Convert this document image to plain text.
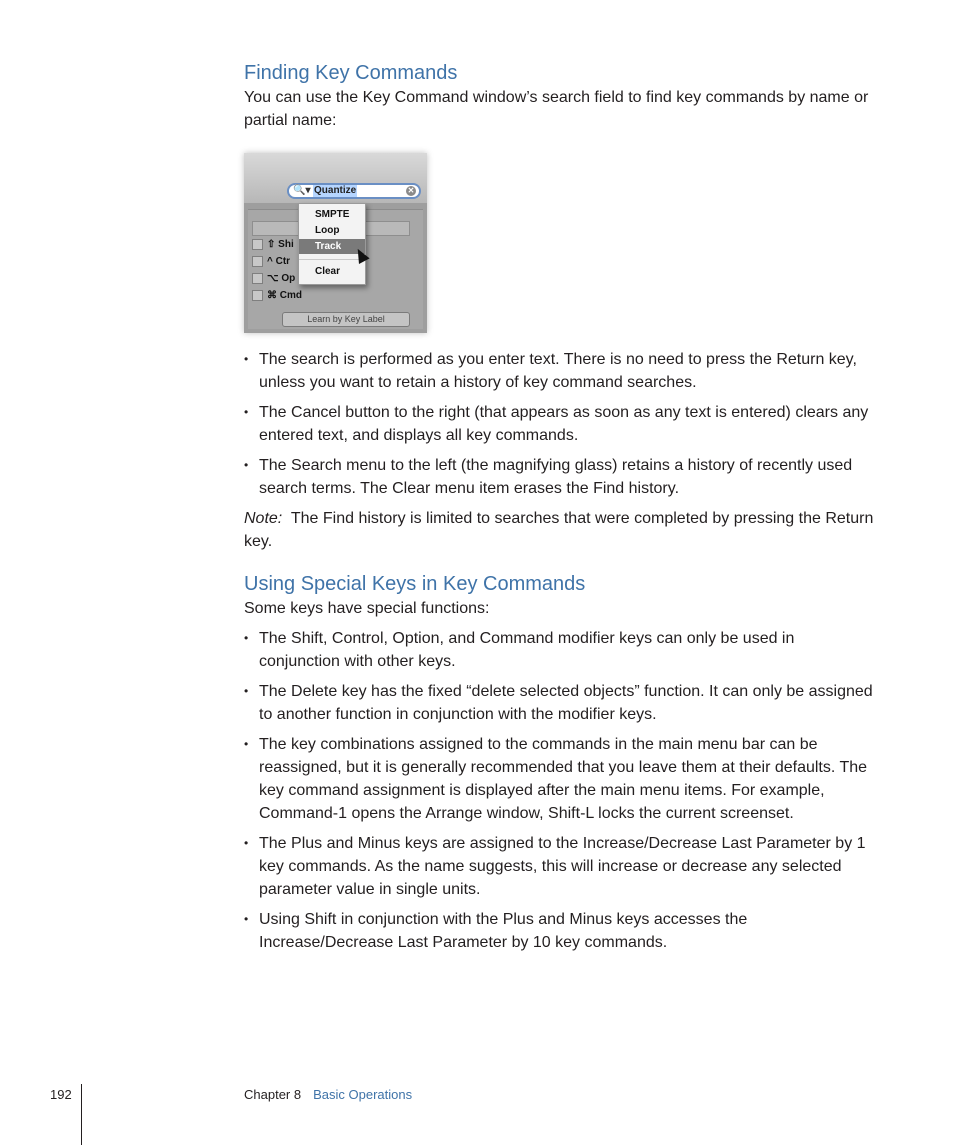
Finding Key Commands

You can use the Key Command window’s search field to find key commands by name or partial name:

• The search is performed as you enter text. There is no need to press the Return key, unless you want to retain a history of key command searches.
• The Cancel button to the right (that appears as soon as any text is entered) clears any entered text, and displays all key commands.
• The Search menu to the left (the magnifying glass) retains a history of recently used search terms. The Clear menu item erases the Find history.

Note: The Find history is limited to searches that were completed by pressing the Return key.

Using Special Keys in Key Commands

Some keys have special functions:

• The Shift, Control, Option, and Command modifier keys can only be used in conjunction with other keys.
• The Delete key has the fixed “delete selected objects” function. It can only be assigned to another function in conjunction with the modifier keys.
• The key combinations assigned to the commands in the main menu bar can be reassigned, but it is generally recommended that you leave them at their defaults. The key command assignment is displayed after the main menu items. For example, Command-1 opens the Arrange window, Shift-L locks the current screenset.
• The Plus and Minus keys are assigned to the Increase/Decrease Last Parameter by 1 key commands. As the name suggests, this will increase or decrease any selected parameter value in single units.
• Using Shift in conjunction with the Plus and Minus keys accesses the Increase/Decrease Last Parameter by 10 key commands.
🔍▾ Quantize	✕
⇧ Shi
^ Ctr
⌥ Op
⌘ Cmd
Learn by Key Label
SMPTE
Loop
Track
Clear
192	Chapter 8 Basic Operations
